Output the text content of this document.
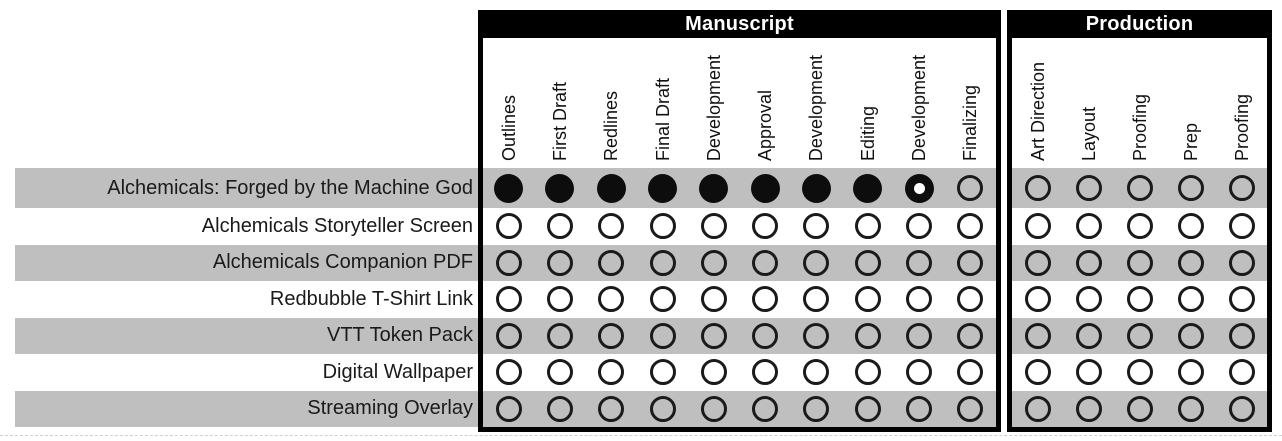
Alchemicals: Forged by the Machine God
Alchemicals Storyteller Screen
Alchemicals Companion PDF
Redbubble T-Shirt Link
VTT Token Pack
Digital Wallpaper
Streaming Overlay
Manuscript
Outlines First Draft Redlines Final Draft Development Approval Development Editing Development Finalizing
Production
Art Direction Layout Proofing Prep Proofing
